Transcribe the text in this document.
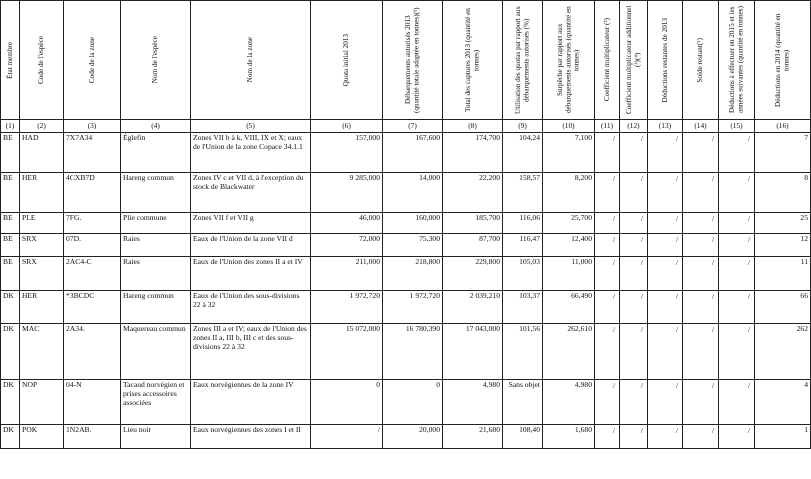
État membre	Code de l'espèce	Code de la zone	Nom de l'espèce	Nom de la zone	Quota initial 2013	Débarquements autorisés 2013 (quantité totale adaptée en tonnes)(¹)	Total des captures 2013 (quantité en tonnes)	Utilisation des quotas par rapport aux débarquements autorisés (%)	Surpêche par rapport aux débarquements autorisés (quantité en tonnes)	Coefficient multiplicateur (²)	Coefficient multiplicateur additionnel (³)(⁴)	Déductions restantes de 2013	Solde restant(⁵)	Déductions à effectuer en 2015 et les années suivantes (quantité en tonnes)	Déductions en 2014 (quantité en tonnes)

(1)	(2)	(3)	(4)	(5)	(6)	(7)	(8)	(9)	(10)	(11)	(12)	(13)	(14)	(15)	(16)
BE	HAD	7X7A34	Églefin	Zones VII b à k, VIII, IX et X; eaux de l'Union de la zone Copace 34.1.1	157,000	167,600	174,700	104,24	7,100	/	/	/	/	/	7
BE	HER	4CXB7D	Hareng commun	Zones IV c et VII d, à l'exception du stock de Blackwater	9 285,000	14,000	22,200	158,57	8,200	/	/	/	/	/	8
BE	PLE	7FG.	Plie commune	Zones VII f et VII g	46,000	160,000	185,700	116,06	25,700	/	/	/	/	/	25
BE	SRX	07D.	Raies	Eaux de l'Union de la zone VII d	72,000	75,300	87,700	116,47	12,400	/	/	/	/	/	12
BE	SRX	2AC4-C	Raies	Eaux de l'Union des zones II a et IV	211,000	218,800	229,800	105,03	11,000	/	/	/	/	/	11
DK	HER	*3BCDC	Hareng commun	Eaux de l'Union des sous-divisions 22 à 32	1 972,720	1 972,720	2 039,210	103,37	66,490	/	/	/	/	/	66
DK	MAC	2A34.	Maquereau commun	Zones III a et IV; eaux de l'Union des zones II a, III b, III c et des sous-divisions 22 à 32	15 072,000	16 780,390	17 043,000	101,56	262,610	/	/	/	/	/	262
DK	NOP	04-N	Tacaud norvégien et prises accessoires associées	Eaux norvégiennes de la zone IV	0	0	4,980	Sans objet	4,980	/	/	/	/	/	4
DK	POK	1N2AB.	Lieu noir	Eaux norvégiennes des zones I et II	/	20,000	21,680	108,40	1,680	/	/	/	/	/	1
